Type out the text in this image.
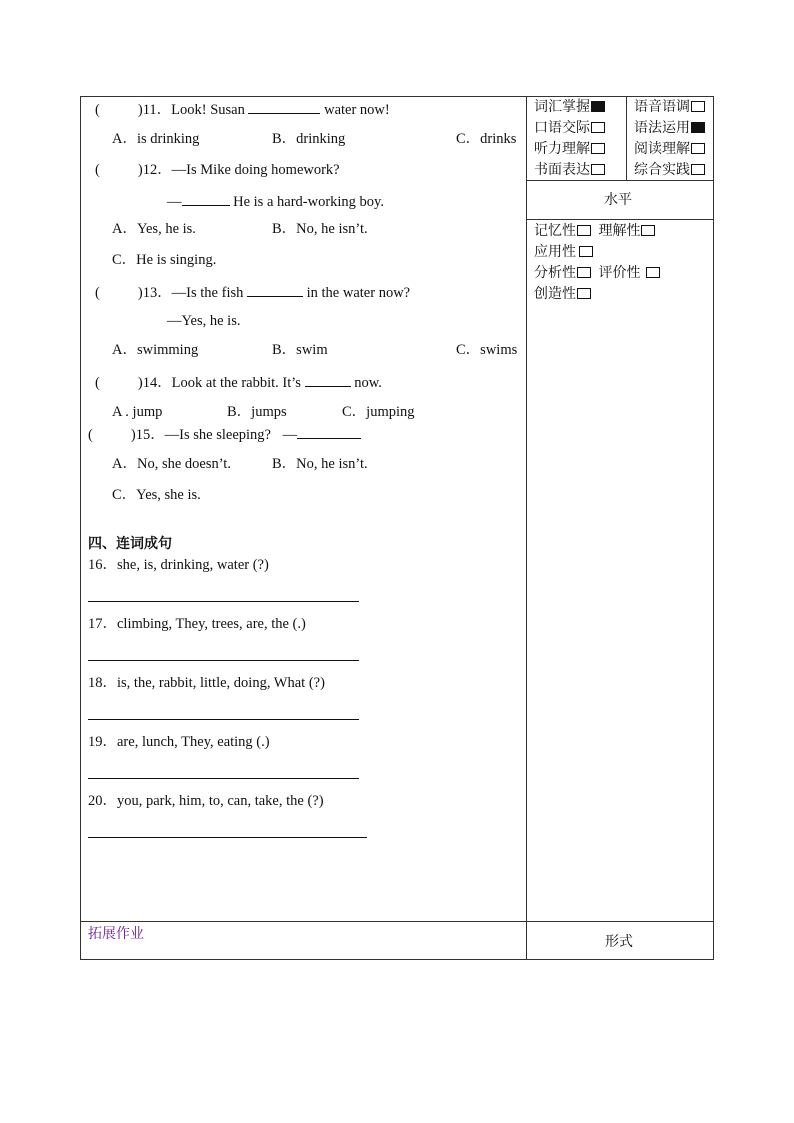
(	)11．Look! Susan	water now!
A．is drinking	B．drinking	C．drinks
(	)12．—Is Mike doing homework?
—	He is a hard-working boy.
A．Yes, he is.	B．No, he isn’t.
C．He is singing.
(	)13．—Is the fish	in the water now?
—Yes, he is.
A．swimming	B．swim	C．swims
(	)14．Look at the rabbit. It’s	now.
A . jump	B．jumps	C．jumping
(	)15．—Is she sleeping? —
A．No, she doesn’t.	B．No, he isn’t.
C．Yes, she is.
四、连词成句
16．she, is, drinking, water (?)
17．climbing, They, trees, are, the (.)
18．is, the, rabbit, little, doing, What (?)
19．are, lunch, They, eating (.)
20．you, park, him, to, can, take, the (?)
词汇掌握	语音语调
口语交际	语法运用
听力理解	阅读理解
书面表达	综合实践
水平
记忆性 理解性
应用性
分析性 评价性
创造性
拓展作业	形式
